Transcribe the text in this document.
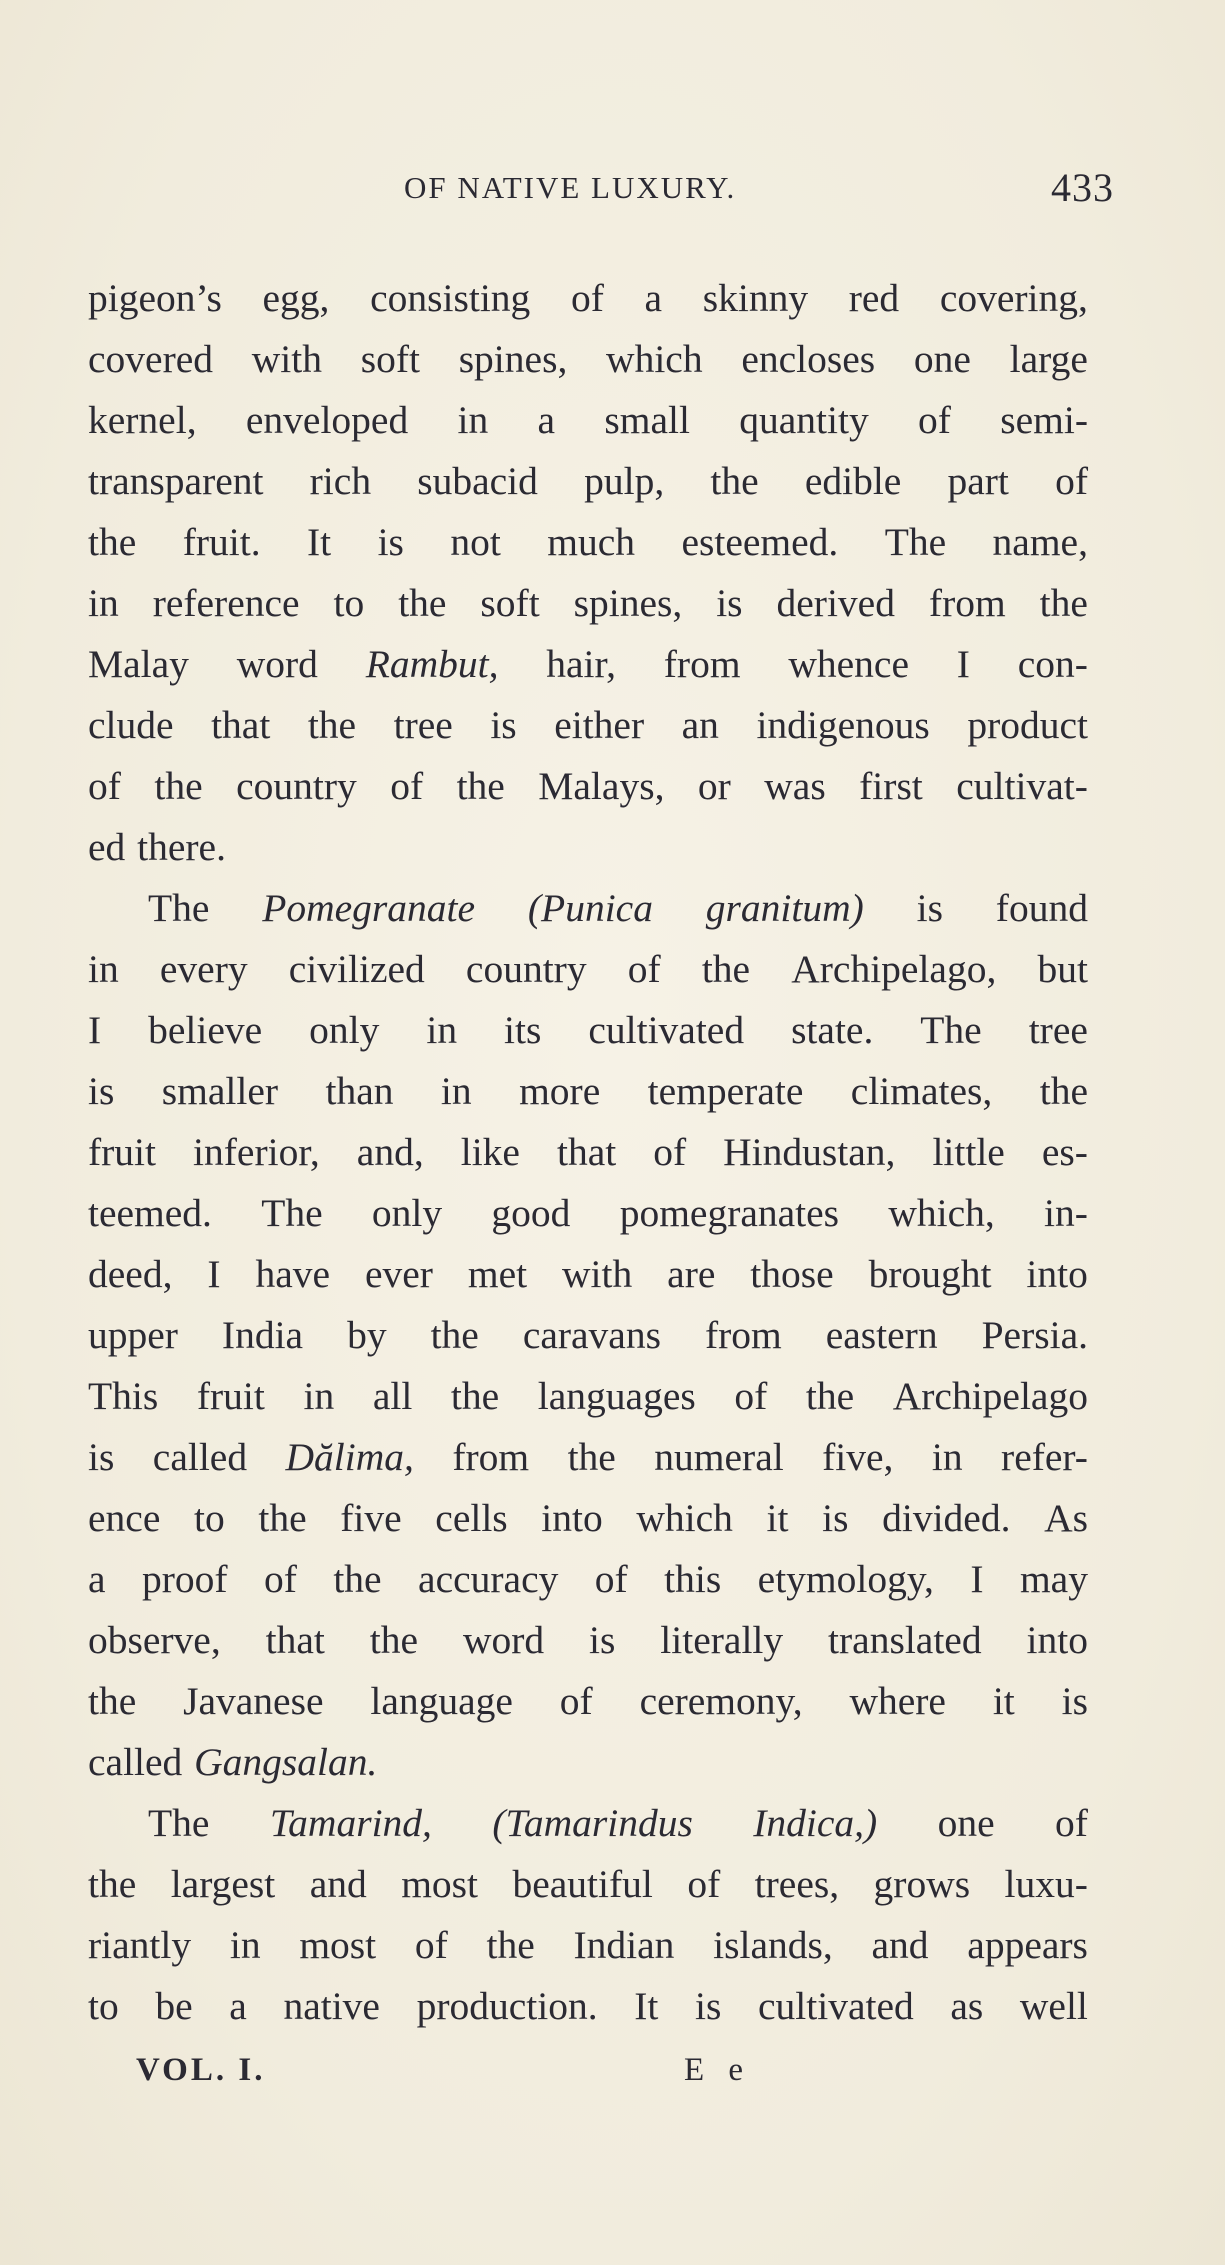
OF NATIVE LUXURY.	433
pigeon’s egg, consisting of a skinny red covering,
covered with soft spines, which encloses one large
kernel, enveloped in a small quantity of semi-
transparent rich subacid pulp, the edible part of
the fruit. It is not much esteemed. The name,
in reference to the soft spines, is derived from the
Malay word Rambut, hair, from whence I con-
clude that the tree is either an indigenous product
of the country of the Malays, or was first cultivat-
ed there.
The Pomegranate (Punica granitum) is found
in every civilized country of the Archipelago, but
I believe only in its cultivated state. The tree
is smaller than in more temperate climates, the
fruit inferior, and, like that of Hindustan, little es-
teemed. The only good pomegranates which, in-
deed, I have ever met with are those brought into
upper India by the caravans from eastern Persia.
This fruit in all the languages of the Archipelago
is called Dălima, from the numeral five, in refer-
ence to the five cells into which it is divided. As
a proof of the accuracy of this etymology, I may
observe, that the word is literally translated into
the Javanese language of ceremony, where it is
called Gangsalan.
The Tamarind, (Tamarindus Indica,) one of
the largest and most beautiful of trees, grows luxu-
riantly in most of the Indian islands, and appears
to be a native production. It is cultivated as well
VOL. I.	E e
